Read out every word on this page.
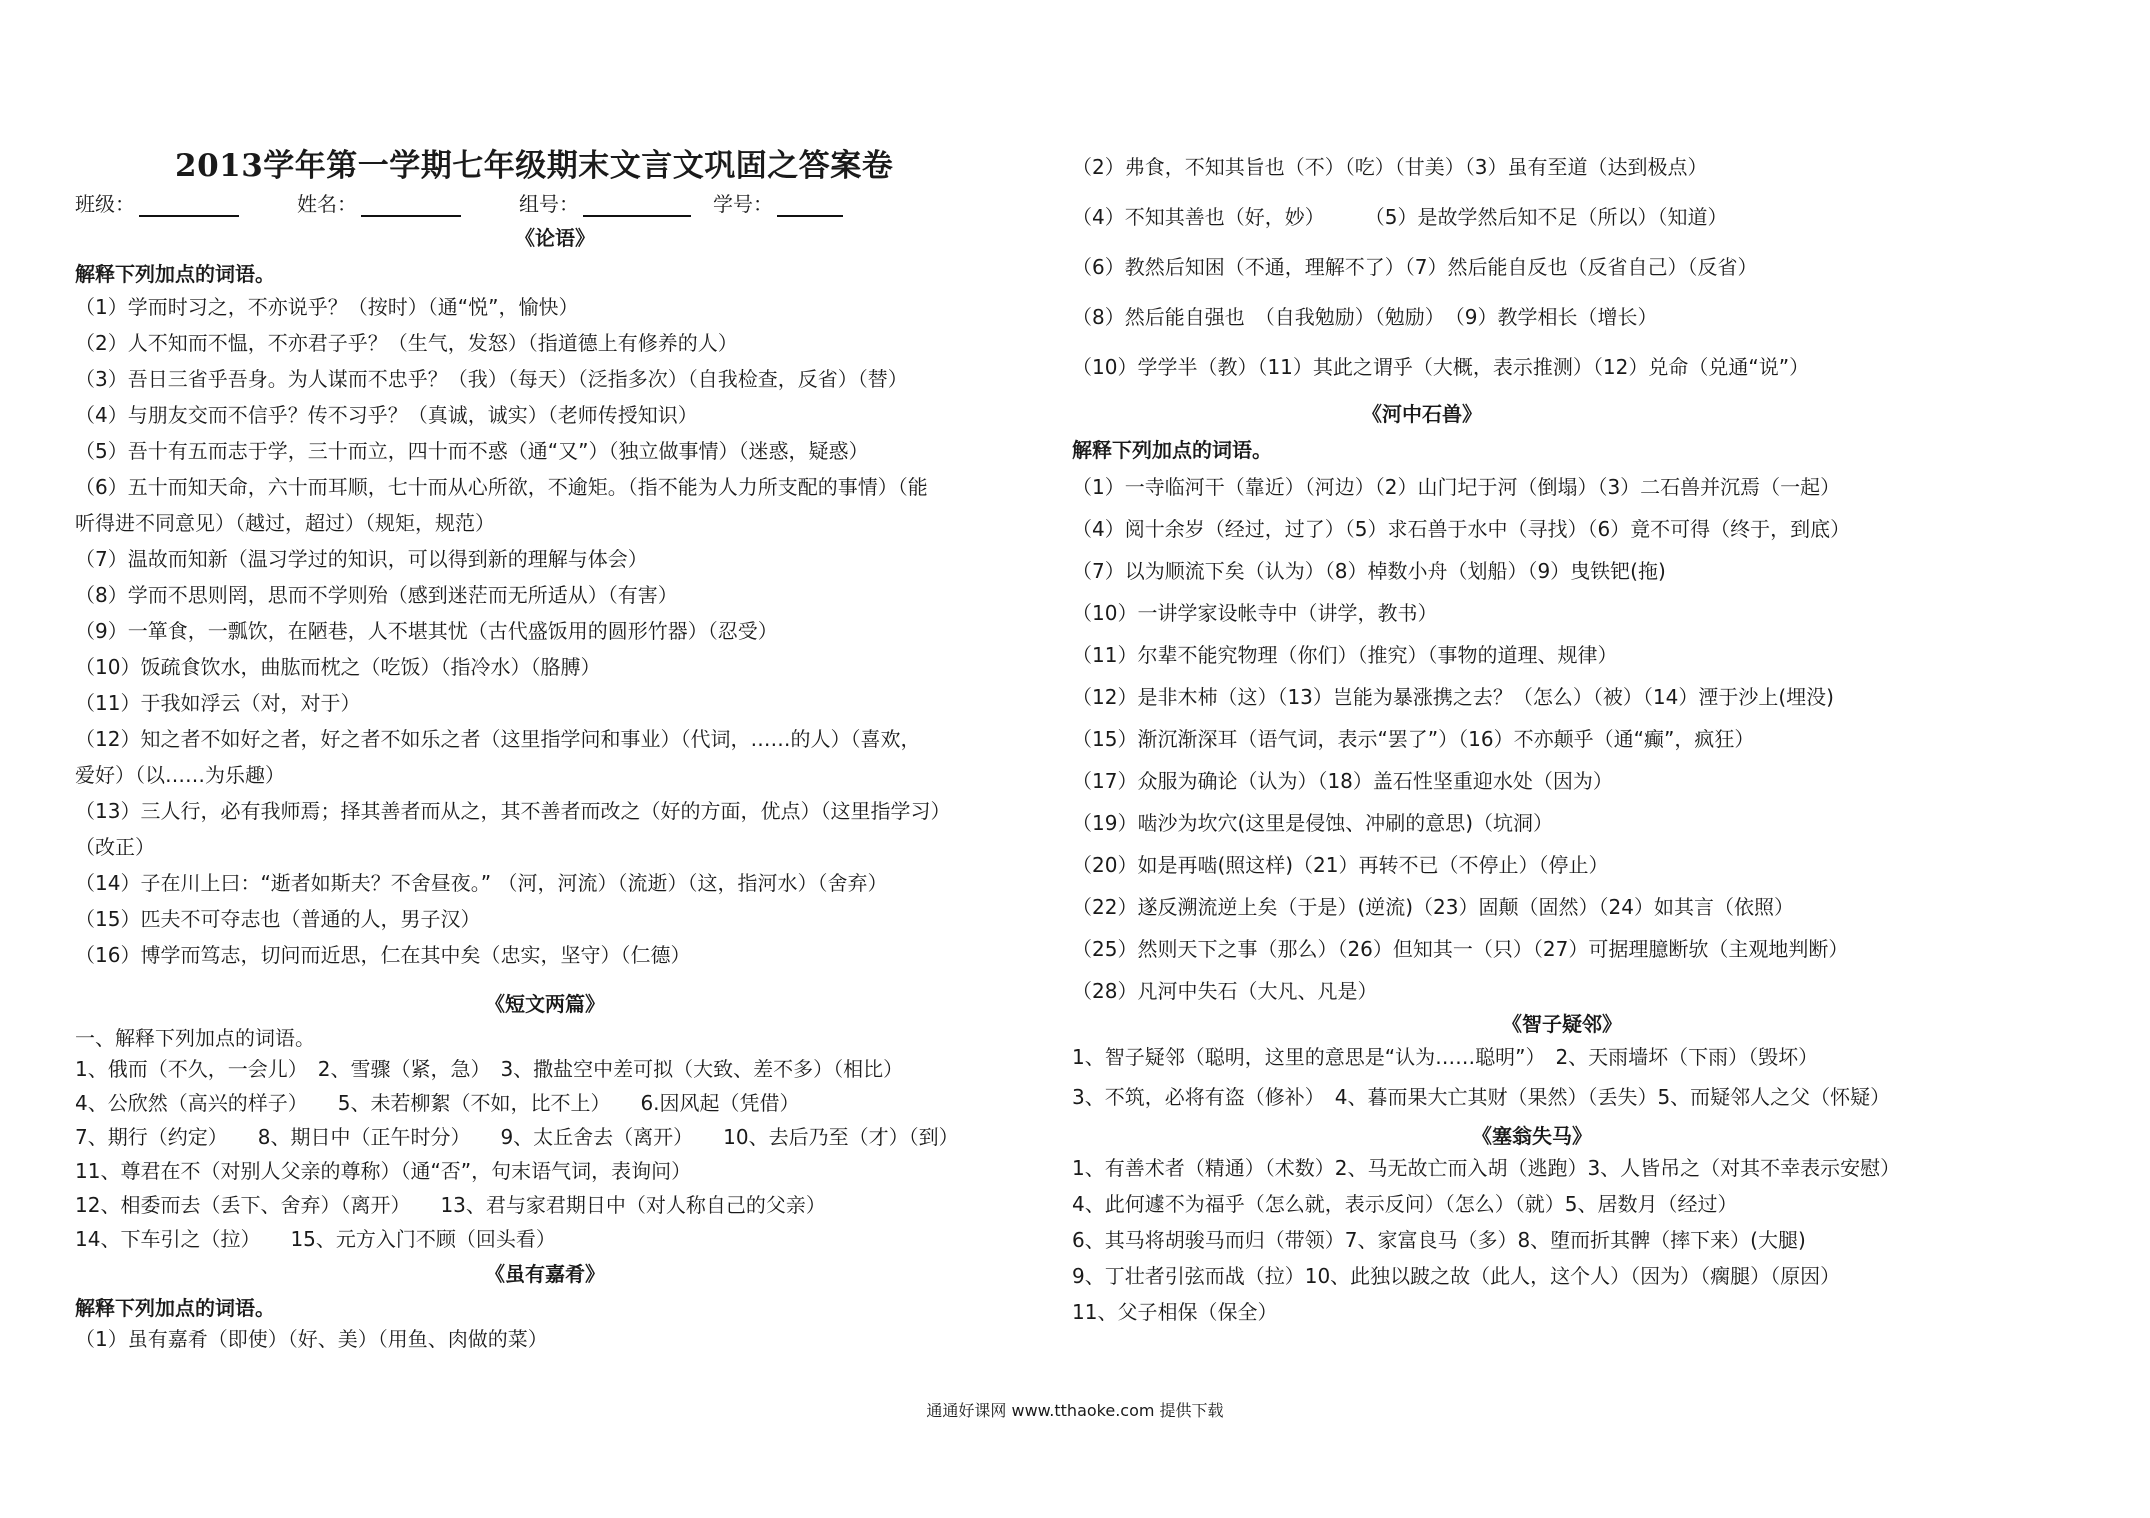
2013学年第一学期七年级期末文言文巩固之答案卷
班级：	姓名：	组号：	学号：
《论语》
解释下列加点的词语。
（1）学而时习之，不亦说乎？（按时）（通“悦”，愉快）
（2）人不知而不愠，不亦君子乎？（生气，发怒）（指道德上有修养的人）
（3）吾日三省乎吾身。为人谋而不忠乎？（我）（每天）（泛指多次）（自我检查，反省）（替）
（4）与朋友交而不信乎？传不习乎？（真诚，诚实）（老师传授知识）
（5）吾十有五而志于学，三十而立，四十而不惑（通“又”）（独立做事情）（迷惑，疑惑）
（6）五十而知天命，六十而耳顺，七十而从心所欲，不逾矩。（指不能为人力所支配的事情）（能
听得进不同意见）（越过，超过）（规矩，规范）
（7）温故而知新（温习学过的知识，可以得到新的理解与体会）
（8）学而不思则罔，思而不学则殆（感到迷茫而无所适从）（有害）
（9）一箪食，一瓢饮，在陋巷，人不堪其忧（古代盛饭用的圆形竹器）（忍受）
（10）饭疏食饮水，曲肱而枕之（吃饭）（指冷水）（胳膊）
（11）于我如浮云（对，对于）
（12）知之者不如好之者，好之者不如乐之者（这里指学问和事业）（代词，……的人）（喜欢，
爱好）（以……为乐趣）
（13）三人行，必有我师焉；择其善者而从之，其不善者而改之（好的方面，优点）（这里指学习）
（改正）
（14）子在川上曰：“逝者如斯夫？不舍昼夜。” （河，河流）（流逝）（这，指河水）（舍弃）
（15）匹夫不可夺志也（普通的人，男子汉）
（16）博学而笃志，切问而近思，仁在其中矣（忠实，坚守）（仁德）
《短文两篇》
一、解释下列加点的词语。
1、俄而（不久，一会儿）　2、雪骤（紧，急）　3、撒盐空中差可拟（大致、差不多）（相比）
4、公欣然（高兴的样子）　　5、未若柳絮（不如，比不上）　　6.因风起（凭借）
7、期行（约定）　　8、期日中（正午时分）　　9、太丘舍去（离开）　　10、去后乃至（才）（到）
11、尊君在不（对别人父亲的尊称）（通“否”，句末语气词，表询问）
12、相委而去（丢下、舍弃）（离开）　　13、君与家君期日中（对人称自己的父亲）
14、下车引之（拉）　　15、元方入门不顾（回头看）
《虽有嘉肴》
解释下列加点的词语。
（1）虽有嘉肴（即使）（好、美）（用鱼、肉做的菜）
（2）弗食，不知其旨也（不）（吃）（甘美）（3）虽有至道（达到极点）
（4）不知其善也（好，妙）　　　（5）是故学然后知不足（所以）（知道）
（6）教然后知困（不通，理解不了）（7）然后能自反也（反省自己）（反省）
（8）然后能自强也　（自我勉励）（勉励）　（9）教学相长（增长）
（10）学学半（教）（11）其此之谓乎（大概，表示推测）（12）兑命（兑通“说”）
《河中石兽》
解释下列加点的词语。
（1）一寺临河干（靠近）（河边）（2）山门圮于河（倒塌）（3）二石兽并沉焉（一起）
（4）阅十余岁（经过，过了）（5）求石兽于水中（寻找）（6）竟不可得（终于，到底）
（7）以为顺流下矣（认为）（8）棹数小舟（划船）（9）曳铁钯(拖)
（10）一讲学家设帐寺中（讲学，教书）
（11）尔辈不能究物理（你们）（推究）（事物的道理、规律）
（12）是非木杮（这）（13）岂能为暴涨携之去？（怎么）（被）（14）湮于沙上(埋没)
（15）渐沉渐深耳（语气词，表示“罢了”）（16）不亦颠乎（通“癫”，疯狂）
（17）众服为确论（认为）（18）盖石性坚重迎水处（因为）
（19）啮沙为坎穴(这里是侵蚀、冲刷的意思)（坑洞）
（20）如是再啮(照这样)（21）再转不已（不停止）（停止）
（22）遂反溯流逆上矣（于是）(逆流)（23）固颠（固然）（24）如其言（依照）
（25）然则天下之事（那么）（26）但知其一（只）（27）可据理臆断欤（主观地判断）
（28）凡河中失石（大凡、凡是）
《智子疑邻》
1、智子疑邻（聪明，这里的意思是“认为……聪明”）　2、天雨墙坏（下雨）（毁坏）
3、不筑，必将有盗（修补）　4、暮而果大亡其财（果然）（丢失）5、而疑邻人之父（怀疑）
《塞翁失马》
1、有善术者（精通）（术数）2、马无故亡而入胡（逃跑）3、人皆吊之（对其不幸表示安慰）
4、此何遽不为福乎（怎么就，表示反问）（怎么）（就）5、居数月（经过）
6、其马将胡骏马而归（带领）7、家富良马（多）8、堕而折其髀（摔下来）(大腿)
9、丁壮者引弦而战（拉）10、此独以跛之故（此人，这个人）（因为）（瘸腿）（原因）
11、父子相保（保全）
通通好课网 www.tthaoke.com 提供下载
